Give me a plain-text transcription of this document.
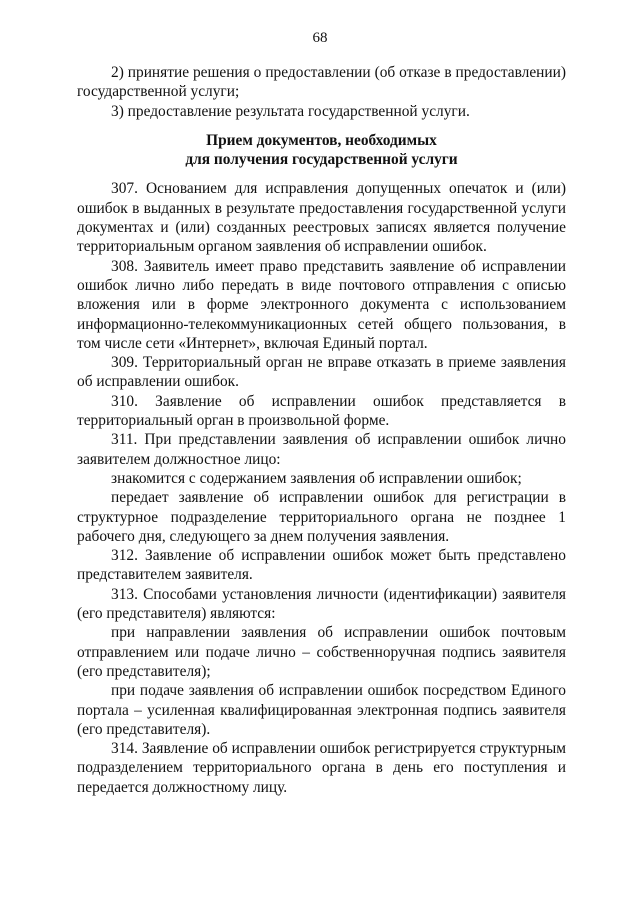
68

2) принятие решения о предоставлении (об отказе в предоставлении) государственной услуги;

3) предоставление результата государственной услуги.

Прием документов, необходимых
для получения государственной услуги

307. Основанием для исправления допущенных опечаток и (или) ошибок в выданных в результате предоставления государственной услуги документах и (или) созданных реестровых записях является получение территориальным органом заявления об исправлении ошибок.

308. Заявитель имеет право представить заявление об исправлении ошибок лично либо передать в виде почтового отправления с описью вложения или в форме электронного документа с использованием информационно-телекоммуникационных сетей общего пользования, в том числе сети «Интернет», включая Единый портал.

309. Территориальный орган не вправе отказать в приеме заявления об исправлении ошибок.

310. Заявление об исправлении ошибок представляется в территориальный орган в произвольной форме.

311. При представлении заявления об исправлении ошибок лично заявителем должностное лицо:

знакомится с содержанием заявления об исправлении ошибок;

передает заявление об исправлении ошибок для регистрации в структурное подразделение территориального органа не позднее 1 рабочего дня, следующего за днем получения заявления.

312. Заявление об исправлении ошибок может быть представлено представителем заявителя.

313. Способами установления личности (идентификации) заявителя (его представителя) являются:

при направлении заявления об исправлении ошибок почтовым отправлением или подаче лично – собственноручная подпись заявителя (его представителя);

при подаче заявления об исправлении ошибок посредством Единого портала – усиленная квалифицированная электронная подпись заявителя (его представителя).

314. Заявление об исправлении ошибок регистрируется структурным подразделением территориального органа в день его поступления и передается должностному лицу.
